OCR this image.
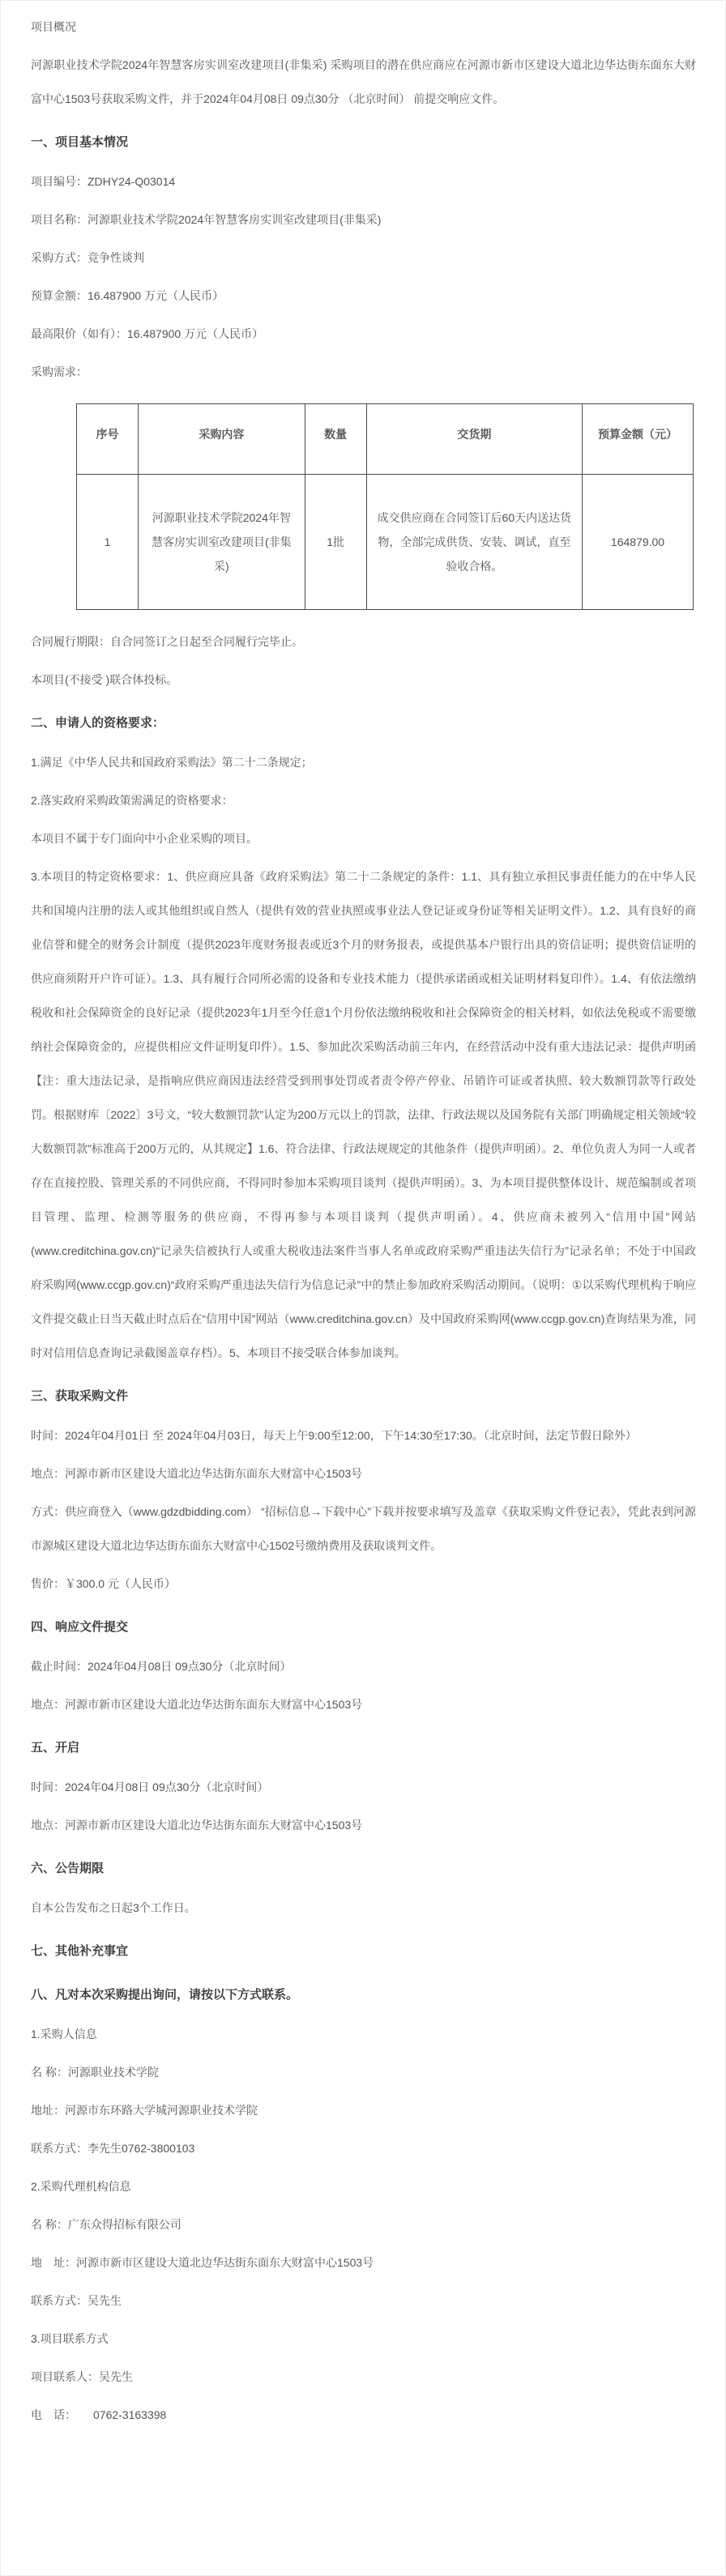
项目概况

河源职业技术学院2024年智慧客房实训室改建项目(非集采) 采购项目的潜在供应商应在河源市新市区建设大道北边华达街东面东大财富中心1503号获取采购文件，并于2024年04月08日 09点30分 （北京时间） 前提交响应文件。

一、项目基本情况

项目编号：ZDHY24-Q03014

项目名称：河源职业技术学院2024年智慧客房实训室改建项目(非集采)

采购方式：竞争性谈判

预算金额：16.487900 万元（人民币）

最高限价（如有）：16.487900 万元（人民币）

采购需求：

序号	采购内容	数量	交货期	预算金额（元）
1	河源职业技术学院2024年智慧客房实训室改建项目(非集采)	1批	成交供应商在合同签订后60天内送达货物，全部完成供货、安装、调试，直至验收合格。	164879.00

合同履行期限：自合同签订之日起至合同履行完毕止。

本项目(不接受 )联合体投标。

二、申请人的资格要求：

1.满足《中华人民共和国政府采购法》第二十二条规定；

2.落实政府采购政策需满足的资格要求：

本项目不属于专门面向中小企业采购的项目。

3.本项目的特定资格要求：1、供应商应具备《政府采购法》第二十二条规定的条件：1.1、具有独立承担民事责任能力的在中华人民共和国境内注册的法人或其他组织或自然人（提供有效的营业执照或事业法人登记证或身份证等相关证明文件）。1.2、具有良好的商业信誉和健全的财务会计制度（提供2023年度财务报表或近3个月的财务报表，或提供基本户银行出具的资信证明；提供资信证明的供应商须附开户许可证）。1.3、具有履行合同所必需的设备和专业技术能力（提供承诺函或相关证明材料复印件）。1.4、有依法缴纳税收和社会保障资金的良好记录（提供2023年1月至今任意1个月份依法缴纳税收和社会保障资金的相关材料，如依法免税或不需要缴纳社会保障资金的，应提供相应文件证明复印件）。1.5、参加此次采购活动前三年内，在经营活动中没有重大违法记录：提供声明函【注：重大违法记录，是指响应供应商因违法经营受到刑事处罚或者责令停产停业、吊销许可证或者执照、较大数额罚款等行政处罚。根据财库〔2022〕3号文，“较大数额罚款”认定为200万元以上的罚款，法律、行政法规以及国务院有关部门明确规定相关领域“较大数额罚款”标准高于200万元的，从其规定】1.6、符合法律、行政法规规定的其他条件（提供声明函）。2、单位负责人为同一人或者存在直接控股、管理关系的不同供应商，不得同时参加本采购项目谈判（提供声明函）。3、为本项目提供整体设计、规范编制或者项目管理、监理、检测等服务的供应商，不得再参与本项目谈判（提供声明函）。4、供应商未被列入“信用中国”网站(www.creditchina.gov.cn)“记录失信被执行人或重大税收违法案件当事人名单或政府采购严重违法失信行为”记录名单；不处于中国政府采购网(www.ccgp.gov.cn)“政府采购严重违法失信行为信息记录”中的禁止参加政府采购活动期间。（说明：①以采购代理机构于响应文件提交截止日当天截止时点后在“信用中国”网站（www.creditchina.gov.cn）及中国政府采购网(www.ccgp.gov.cn)查询结果为准，同时对信用信息查询记录截图盖章存档）。5、本项目不接受联合体参加谈判。

三、获取采购文件

时间：2024年04月01日 至 2024年04月03日，每天上午9:00至12:00，下午14:30至17:30。（北京时间，法定节假日除外）

地点：河源市新市区建设大道北边华达街东面东大财富中心1503号

方式：供应商登入（www.gdzdbidding.com） “招标信息→下载中心”下载并按要求填写及盖章《获取采购文件登记表》，凭此表到河源市源城区建设大道北边华达街东面东大财富中心1502号缴纳费用及获取谈判文件。

售价：￥300.0 元（人民币）

四、响应文件提交

截止时间：2024年04月08日 09点30分（北京时间）

地点：河源市新市区建设大道北边华达街东面东大财富中心1503号

五、开启

时间：2024年04月08日 09点30分（北京时间）

地点：河源市新市区建设大道北边华达街东面东大财富中心1503号

六、公告期限

自本公告发布之日起3个工作日。

七、其他补充事宜
八、凡对本次采购提出询问，请按以下方式联系。

1.采购人信息

名 称：河源职业技术学院

地址：河源市东环路大学城河源职业技术学院

联系方式：李先生0762-3800103

2.采购代理机构信息

名 称：广东众得招标有限公司

地　址：河源市新市区建设大道北边华达街东面东大财富中心1503号

联系方式：吴先生

3.项目联系方式

项目联系人：吴先生

电　话：　　0762-3163398
